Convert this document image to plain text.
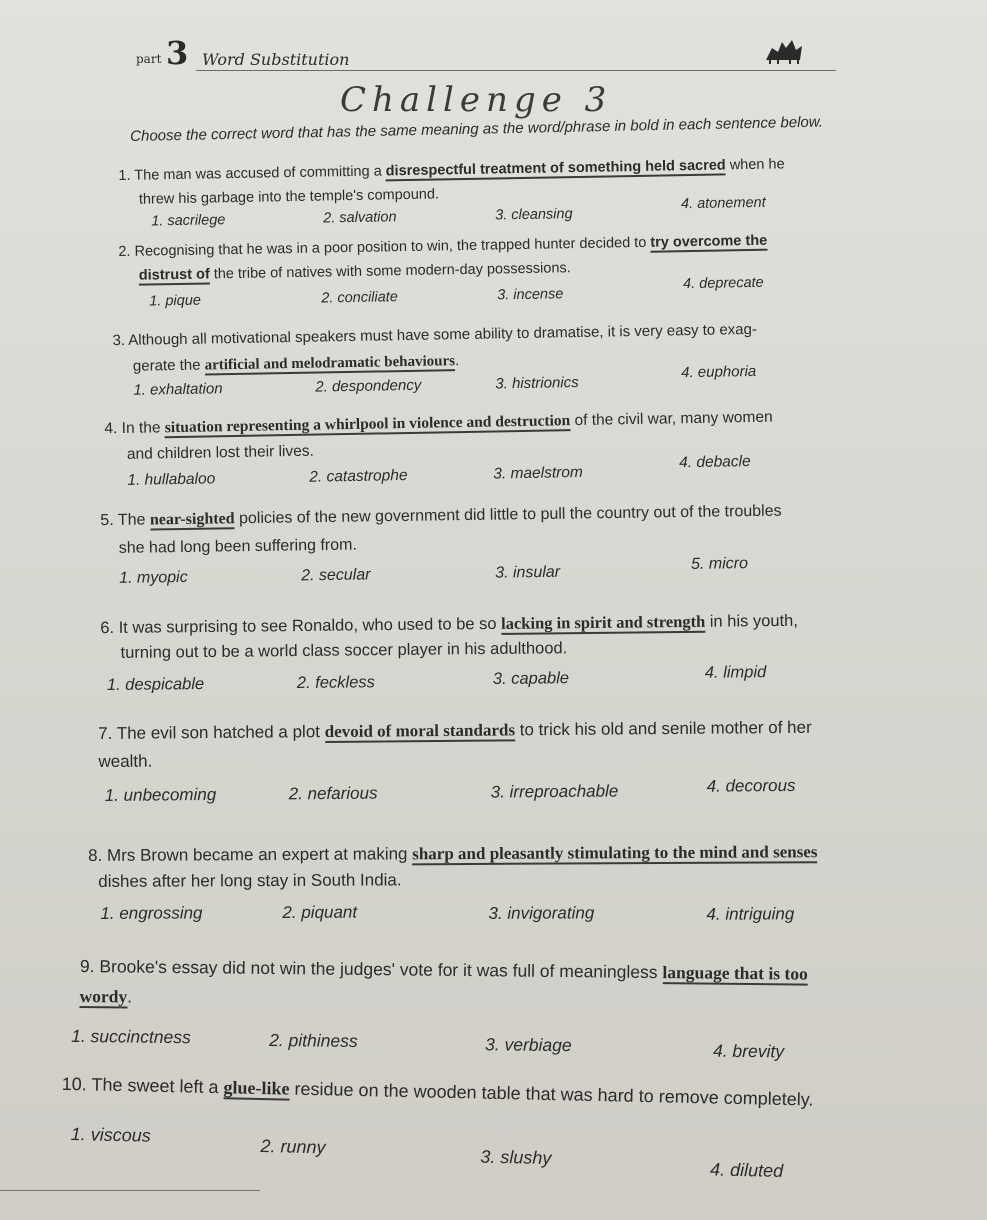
part 3 Word Substitution
Challenge 3
Choose the correct word that has the same meaning as the word/phrase in bold in each sentence below.
1. The man was accused of committing a disrespectful treatment of something held sacred when he
threw his garbage into the temple's compound.
1. sacrilege	2. salvation	3. cleansing
4. atonement
2. Recognising that he was in a poor position to win, the trapped hunter decided to try overcome the
distrust of the tribe of natives with some modern-day possessions.
1. pique	2. conciliate	3. incense
4. deprecate
3. Although all motivational speakers must have some ability to dramatise, it is very easy to exag-
gerate the artificial and melodramatic behaviours.
1. exhaltation	2. despondency	3. histrionics
4. euphoria
4. In the situation representing a whirlpool in violence and destruction of the civil war, many women
and children lost their lives.
1. hullabaloo	2. catastrophe	3. maelstrom
4. debacle
5. The near-sighted policies of the new government did little to pull the country out of the troubles
she had long been suffering from.
1. myopic	2. secular	3. insular	5. micro
6. It was surprising to see Ronaldo, who used to be so lacking in spirit and strength in his youth,
turning out to be a world class soccer player in his adulthood.
1. despicable	2. feckless	3. capable	4. limpid
7. The evil son hatched a plot devoid of moral standards to trick his old and senile mother of her
wealth.
1. unbecoming	2. nefarious	3. irreproachable	4. decorous
8. Mrs Brown became an expert at making sharp and pleasantly stimulating to the mind and senses
dishes after her long stay in South India.
1. engrossing	2. piquant	3. invigorating	4. intriguing
9. Brooke's essay did not win the judges' vote for it was full of meaningless language that is too
wordy.
1. succinctness	2. pithiness	3. verbiage	4. brevity
10. The sweet left a glue-like residue on the wooden table that was hard to remove completely.
1. viscous
2. runny	3. slushy
4. diluted
